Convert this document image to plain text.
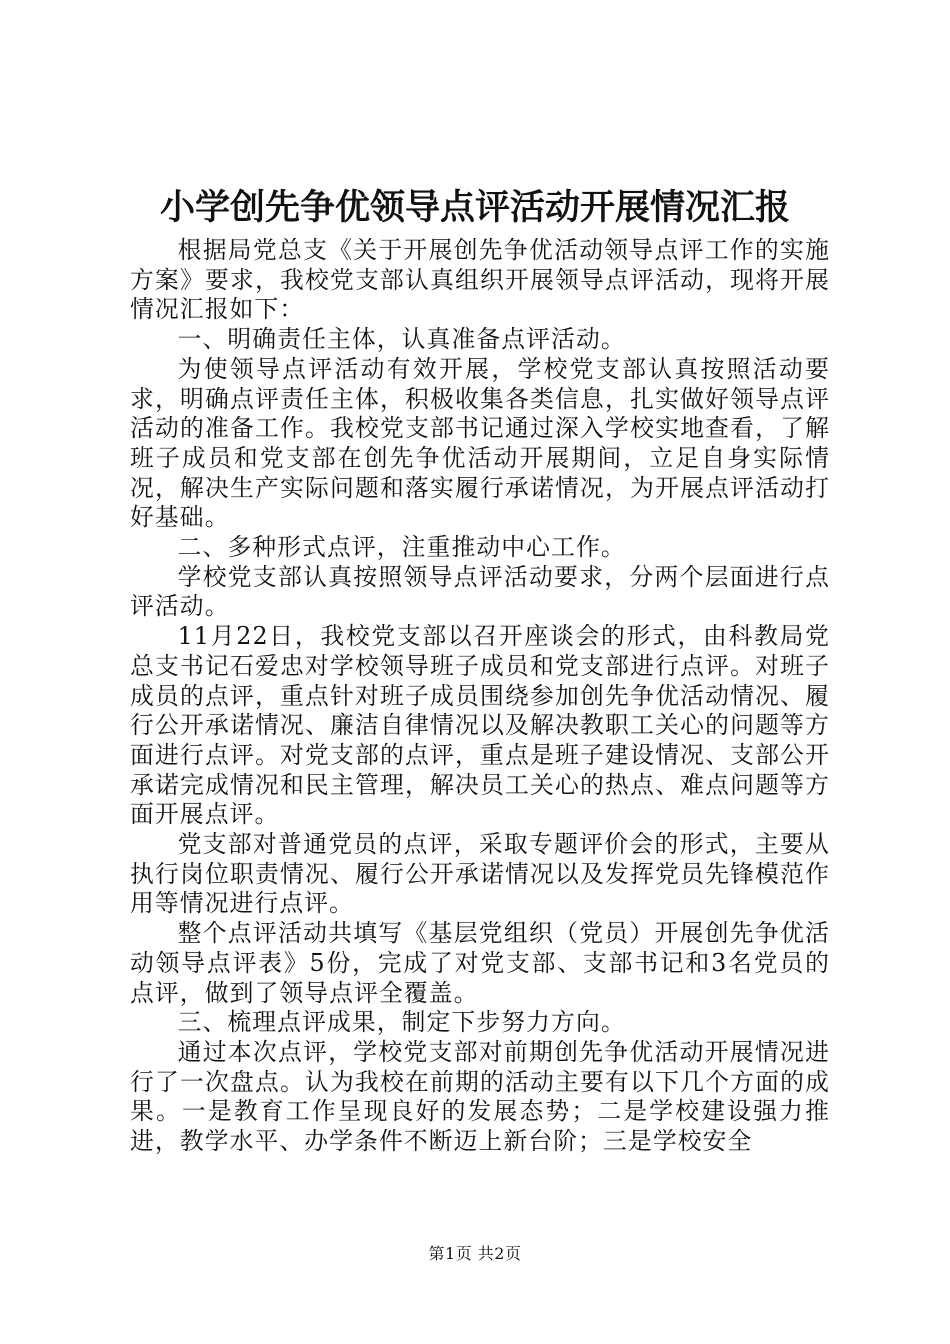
小学创先争优领导点评活动开展情况汇报

根据局党总支《关于开展创先争优活动领导点评工作的实施方案》要求，我校党支部认真组织开展领导点评活动，现将开展情况汇报如下：

一、明确责任主体，认真准备点评活动。

为使领导点评活动有效开展，学校党支部认真按照活动要求，明确点评责任主体，积极收集各类信息，扎实做好领导点评活动的准备工作。我校党支部书记通过深入学校实地查看，了解班子成员和党支部在创先争优活动开展期间，立足自身实际情况，解决生产实际问题和落实履行承诺情况，为开展点评活动打好基础。

二、多种形式点评，注重推动中心工作。

学校党支部认真按照领导点评活动要求，分两个层面进行点评活动。

11月22日，我校党支部以召开座谈会的形式，由科教局党总支书记石爱忠对学校领导班子成员和党支部进行点评。对班子成员的点评，重点针对班子成员围绕参加创先争优活动情况、履行公开承诺情况、廉洁自律情况以及解决教职工关心的问题等方面进行点评。对党支部的点评，重点是班子建设情况、支部公开承诺完成情况和民主管理，解决员工关心的热点、难点问题等方面开展点评。

党支部对普通党员的点评，采取专题评价会的形式，主要从执行岗位职责情况、履行公开承诺情况以及发挥党员先锋模范作用等情况进行点评。

整个点评活动共填写《基层党组织（党员）开展创先争优活动领导点评表》5份，完成了对党支部、支部书记和3名党员的点评，做到了领导点评全覆盖。

三、梳理点评成果，制定下步努力方向。

通过本次点评，学校党支部对前期创先争优活动开展情况进行了一次盘点。认为我校在前期的活动主要有以下几个方面的成果。一是教育工作呈现良好的发展态势；二是学校建设强力推进，教学水平、办学条件不断迈上新台阶；三是学校安全

第1页 共2页
